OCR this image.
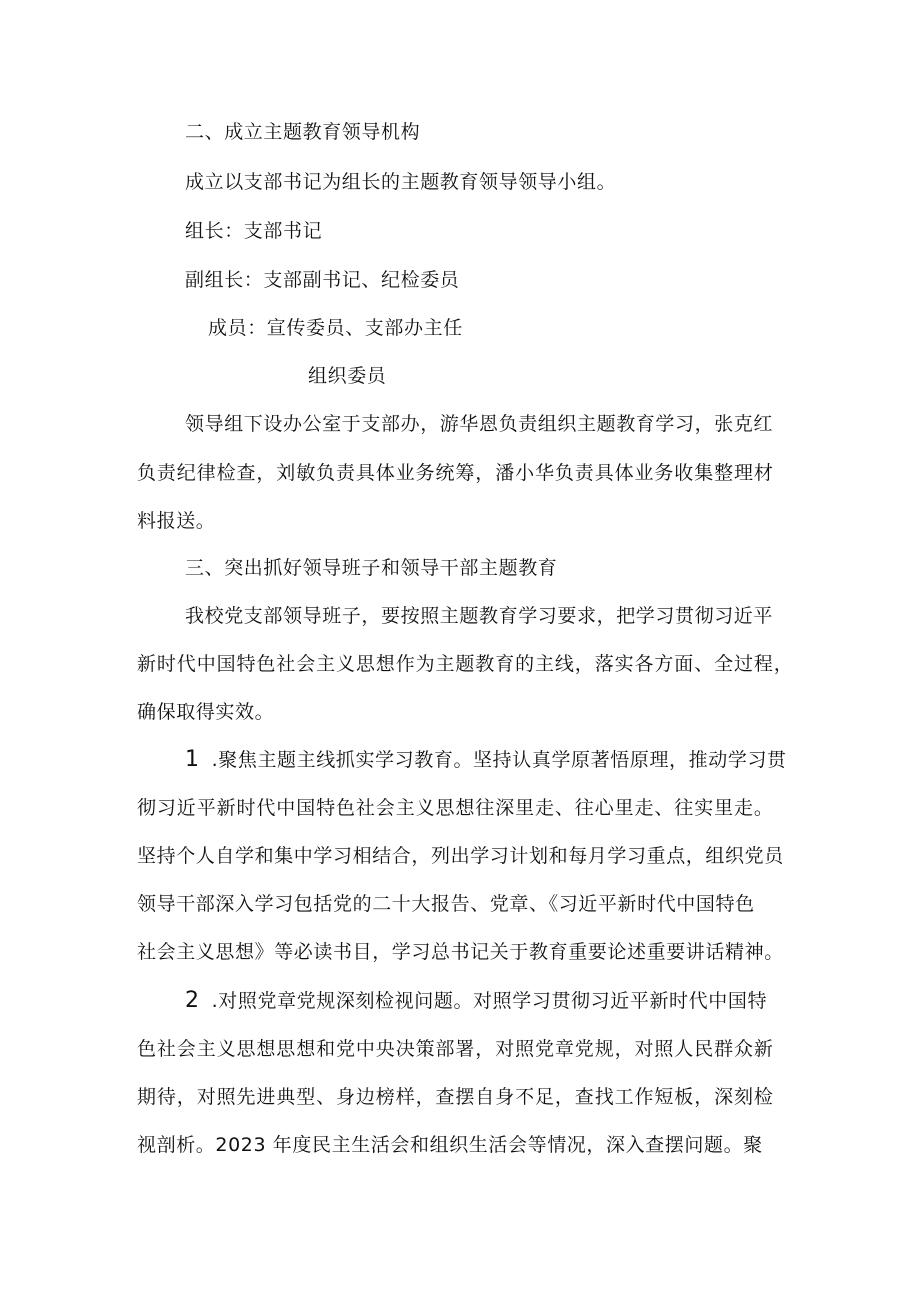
二、成立主题教育领导机构

成立以支部书记为组长的主题教育领导领导小组。

组长：支部书记

副组长：支部副书记、纪检委员

成员：宣传委员、支部办主任

组织委员

领导组下设办公室于支部办，游华恩负责组织主题教育学习，张克红

负责纪律检查，刘敏负责具体业务统筹，潘小华负责具体业务收集整理材

料报送。

三、突出抓好领导班子和领导干部主题教育

我校党支部领导班子，要按照主题教育学习要求，把学习贯彻习近平

新时代中国特色社会主义思想作为主题教育的主线，落实各方面、全过程，

确保取得实效。

1 .聚焦主题主线抓实学习教育。坚持认真学原著悟原理，推动学习贯

彻习近平新时代中国特色社会主义思想往深里走、往心里走、往实里走。

坚持个人自学和集中学习相结合，列出学习计划和每月学习重点，组织党员

领导干部深入学习包括党的二十大报告、党章、《习近平新时代中国特色

社会主义思想》等必读书目，学习总书记关于教育重要论述重要讲话精神。

2 .对照党章党规深刻检视问题。对照学习贯彻习近平新时代中国特

色社会主义思想思想和党中央决策部署，对照党章党规，对照人民群众新

期待，对照先进典型、身边榜样，查摆自身不足，查找工作短板，深刻检

视剖析。2023 年度民主生活会和组织生活会等情况，深入查摆问题。聚
